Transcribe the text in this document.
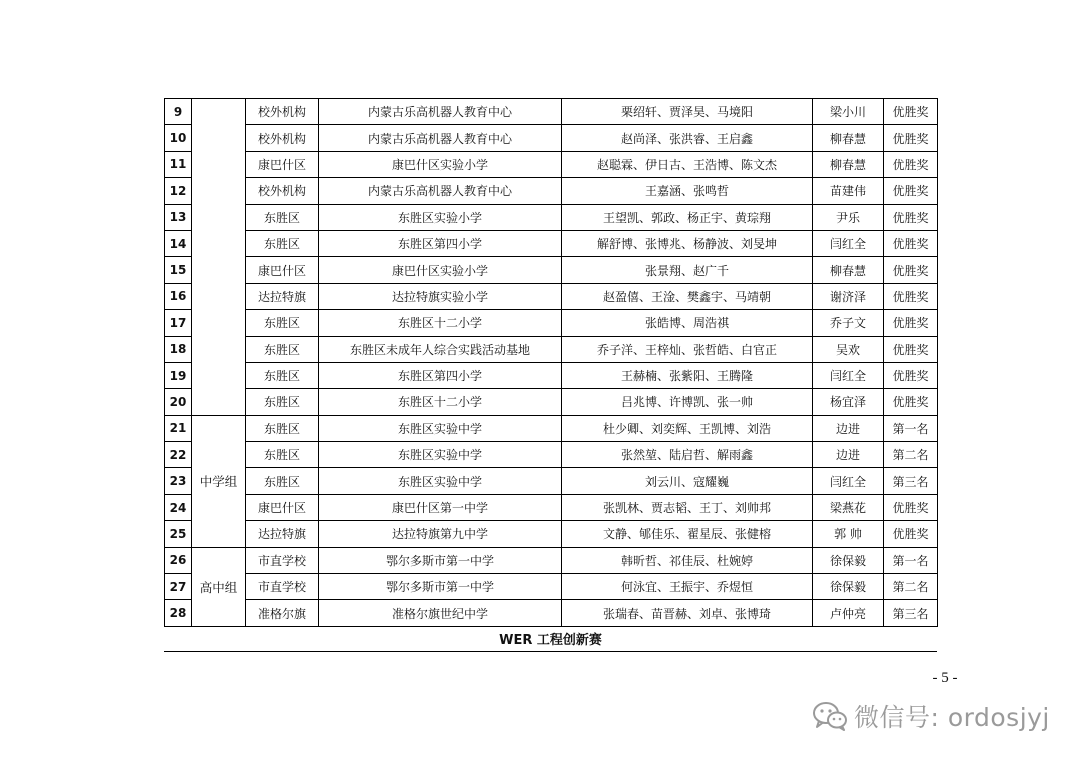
9		校外机构	内蒙古乐高机器人教育中心	栗绍轩、贾泽昊、马境阳	梁小川	优胜奖
10		校外机构	内蒙古乐高机器人教育中心	赵尚泽、张洪睿、王启鑫	柳春慧	优胜奖
11		康巴什区	康巴什区实验小学	赵聪霖、伊日古、王浩博、陈文杰	柳春慧	优胜奖
12		校外机构	内蒙古乐高机器人教育中心	王嘉涵、张鸣哲	苗建伟	优胜奖
13		东胜区	东胜区实验小学	王望凯、郭政、杨正宇、黄琮翔	尹乐	优胜奖
14		东胜区	东胜区第四小学	解舒博、张博兆、杨静波、刘旻坤	闫红全	优胜奖
15		康巴什区	康巴什区实验小学	张景翔、赵广千	柳春慧	优胜奖
16		达拉特旗	达拉特旗实验小学	赵盈僖、王淦、樊鑫宇、马靖朝	谢济泽	优胜奖
17		东胜区	东胜区十二小学	张皓博、周浩祺	乔子文	优胜奖
18		东胜区	东胜区未成年人综合实践活动基地	乔子洋、王梓灿、张哲皓、白官正	吴欢	优胜奖
19		东胜区	东胜区第四小学	王赫楠、张紫阳、王腾隆	闫红全	优胜奖
20		东胜区	东胜区十二小学	吕兆博、许博凯、张一帅	杨宜泽	优胜奖
21	中学组	东胜区	东胜区实验中学	杜少卿、刘奕辉、王凯博、刘浩	边进	第一名
22		东胜区	东胜区实验中学	张然堃、陆启哲、解雨鑫	边进	第二名
23		东胜区	东胜区实验中学	刘云川、寇耀巍	闫红全	第三名
24		康巴什区	康巴什区第一中学	张凯林、贾志韬、王丁、刘帅邦	梁燕花	优胜奖
25		达拉特旗	达拉特旗第九中学	文静、郇佳乐、翟星辰、张健榕	郭 帅	优胜奖
26	高中组	市直学校	鄂尔多斯市第一中学	韩昕哲、祁佳辰、杜婉婷	徐保毅	第一名
27		市直学校	鄂尔多斯市第一中学	何泳宜、王振宇、乔煜恒	徐保毅	第二名
28		准格尔旗	准格尔旗世纪中学	张瑞春、苗晋赫、刘卓、张博琦	卢仲亮	第三名
WER 工程创新赛
- 5 -
微信号: ordosjyj
